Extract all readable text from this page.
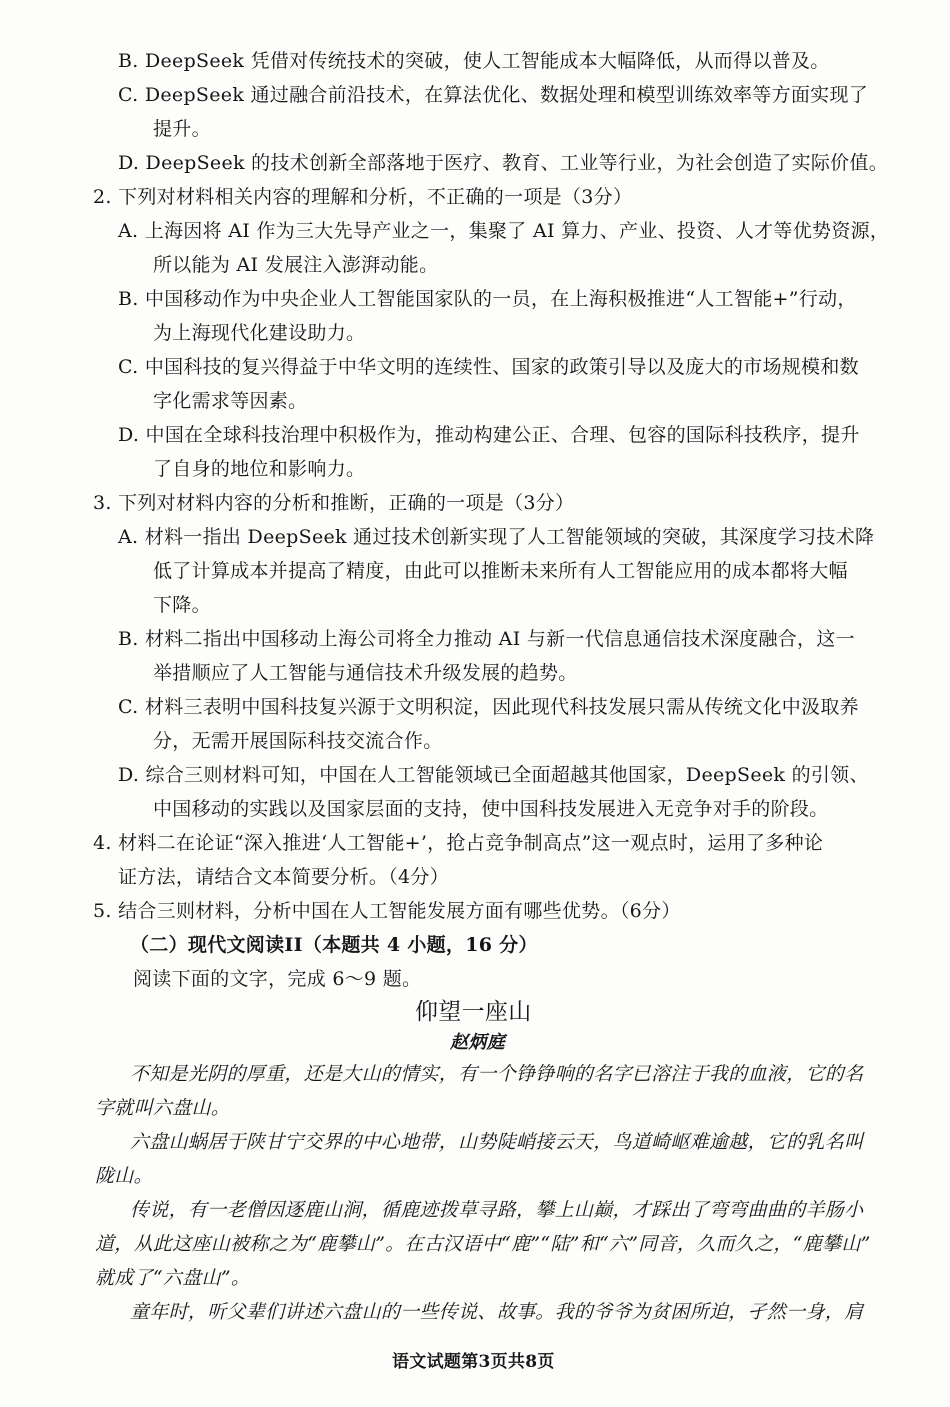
B. DeepSeek 凭借对传统技术的突破，使人工智能成本大幅降低，从而得以普及。
C. DeepSeek 通过融合前沿技术，在算法优化、数据处理和模型训练效率等方面实现了
提升。
D. DeepSeek 的技术创新全部落地于医疗、教育、工业等行业，为社会创造了实际价值。
2. 下列对材料相关内容的理解和分析，不正确的一项是（3分）
A. 上海因将 AI 作为三大先导产业之一，集聚了 AI 算力、产业、投资、人才等优势资源，
所以能为 AI 发展注入澎湃动能。
B. 中国移动作为中央企业人工智能国家队的一员，在上海积极推进“人工智能+”行动，
为上海现代化建设助力。
C. 中国科技的复兴得益于中华文明的连续性、国家的政策引导以及庞大的市场规模和数
字化需求等因素。
D. 中国在全球科技治理中积极作为，推动构建公正、合理、包容的国际科技秩序，提升
了自身的地位和影响力。
3. 下列对材料内容的分析和推断，正确的一项是（3分）
A. 材料一指出 DeepSeek 通过技术创新实现了人工智能领域的突破，其深度学习技术降
低了计算成本并提高了精度，由此可以推断未来所有人工智能应用的成本都将大幅
下降。
B. 材料二指出中国移动上海公司将全力推动 AI 与新一代信息通信技术深度融合，这一
举措顺应了人工智能与通信技术升级发展的趋势。
C. 材料三表明中国科技复兴源于文明积淀，因此现代科技发展只需从传统文化中汲取养
分，无需开展国际科技交流合作。
D. 综合三则材料可知，中国在人工智能领域已全面超越其他国家，DeepSeek 的引领、
中国移动的实践以及国家层面的支持，使中国科技发展进入无竞争对手的阶段。
4. 材料二在论证“深入推进‘人工智能+’，抢占竞争制高点”这一观点时，运用了多种论
证方法，请结合文本简要分析。（4分）
5. 结合三则材料，分析中国在人工智能发展方面有哪些优势。（6分）
（二）现代文阅读II（本题共 4 小题，16 分）
阅读下面的文字，完成 6～9 题。
仰望一座山
赵炳庭
不知是光阴的厚重，还是大山的情实，有一个铮铮响的名字已溶注于我的血液，它的名
字就叫六盘山。
六盘山蜗居于陕甘宁交界的中心地带，山势陡峭接云天，鸟道崎岖难逾越，它的乳名叫
陇山。
传说，有一老僧因逐鹿山涧，循鹿迹拨草寻路，攀上山巅，才踩出了弯弯曲曲的羊肠小
道，从此这座山被称之为“鹿攀山”。在古汉语中“鹿”“陆”和“六”同音，久而久之，“鹿攀山”
就成了“六盘山”。
童年时，听父辈们讲述六盘山的一些传说、故事。我的爷爷为贫困所迫，孑然一身，肩
语文试题第3页共8页
